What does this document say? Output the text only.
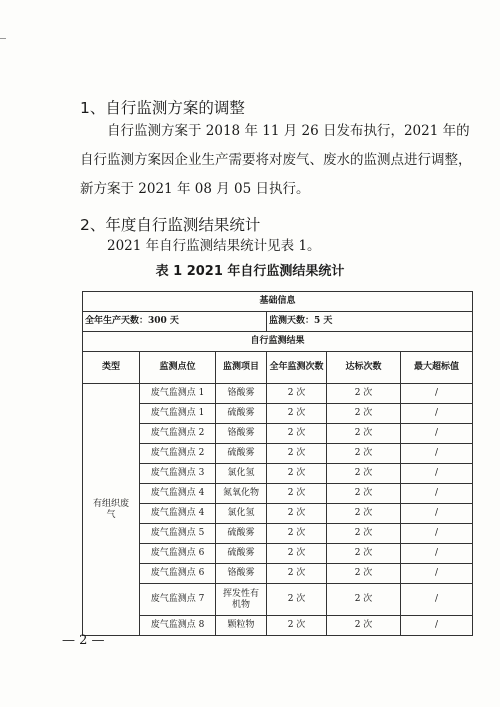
1、自行监测方案的调整
自行监测方案于 2018 年 11 月 26 日发布执行，2021 年的自行监测方案因企业生产需要将对废气、废水的监测点进行调整，新方案于 2021 年 08 月 05 日执行。
2、年度自行监测结果统计
2021 年自行监测结果统计见表 1。
表 1 2021 年自行监测结果统计
基础信息					
全年生产天数：300 天			监测天数：5 天		
自行监测结果					
类型	监测点位	监测项目	全年监测次数	达标次数	最大超标值
有组织废气	废气监测点 1	铬酸雾	2 次	2 次	/
	废气监测点 1	硫酸雾	2 次	2 次	/
	废气监测点 2	铬酸雾	2 次	2 次	/
	废气监测点 2	硫酸雾	2 次	2 次	/
	废气监测点 3	氯化氢	2 次	2 次	/
	废气监测点 4	氮氧化物	2 次	2 次	/
	废气监测点 4	氯化氢	2 次	2 次	/
	废气监测点 5	硫酸雾	2 次	2 次	/
	废气监测点 6	硫酸雾	2 次	2 次	/
	废气监测点 6	铬酸雾	2 次	2 次	/
	废气监测点 7	挥发性有机物	2 次	2 次	/
	废气监测点 8	颗粒物	2 次	2 次	/
— 2 —
